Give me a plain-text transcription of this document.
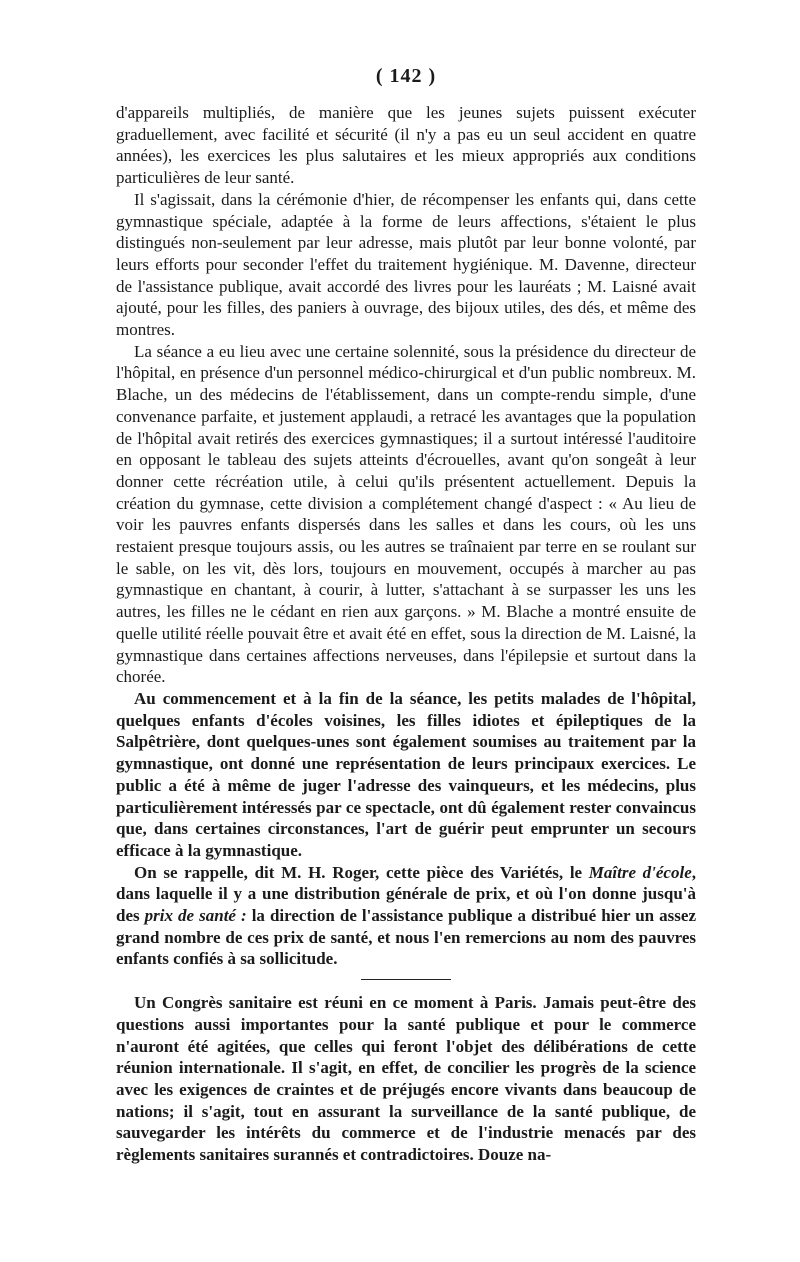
( 142 )

d'appareils multipliés, de manière que les jeunes sujets puissent exécuter graduellement, avec facilité et sécurité (il n'y a pas eu un seul accident en quatre années), les exercices les plus salutaires et les mieux appropriés aux conditions particulières de leur santé.

Il s'agissait, dans la cérémonie d'hier, de récompenser les enfants qui, dans cette gymnastique spéciale, adaptée à la forme de leurs affections, s'étaient le plus distingués non-seulement par leur adresse, mais plutôt par leur bonne volonté, par leurs efforts pour seconder l'effet du traitement hygiénique. M. Davenne, directeur de l'assistance publique, avait accordé des livres pour les lauréats ; M. Laisné avait ajouté, pour les filles, des paniers à ouvrage, des bijoux utiles, des dés, et même des montres.

La séance a eu lieu avec une certaine solennité, sous la présidence du directeur de l'hôpital, en présence d'un personnel médico-chirurgical et d'un public nombreux. M. Blache, un des médecins de l'établissement, dans un compte-rendu simple, d'une convenance parfaite, et justement applaudi, a retracé les avantages que la population de l'hôpital avait retirés des exercices gymnastiques; il a surtout intéressé l'auditoire en opposant le tableau des sujets atteints d'écrouelles, avant qu'on songeât à leur donner cette récréation utile, à celui qu'ils présentent actuellement. Depuis la création du gymnase, cette division a complétement changé d'aspect : « Au lieu de voir les pauvres enfants dispersés dans les salles et dans les cours, où les uns restaient presque toujours assis, ou les autres se traînaient par terre en se roulant sur le sable, on les vit, dès lors, toujours en mouvement, occupés à marcher au pas gymnastique en chantant, à courir, à lutter, s'attachant à se surpasser les uns les autres, les filles ne le cédant en rien aux garçons. » M. Blache a montré ensuite de quelle utilité réelle pouvait être et avait été en effet, sous la direction de M. Laisné, la gymnastique dans certaines affections nerveuses, dans l'épilepsie et surtout dans la chorée.

Au commencement et à la fin de la séance, les petits malades de l'hôpital, quelques enfants d'écoles voisines, les filles idiotes et épileptiques de la Salpêtrière, dont quelques-unes sont également soumises au traitement par la gymnastique, ont donné une représentation de leurs principaux exercices. Le public a été à même de juger l'adresse des vainqueurs, et les médecins, plus particulièrement intéressés par ce spectacle, ont dû également rester convaincus que, dans certaines circonstances, l'art de guérir peut emprunter un secours efficace à la gymnastique.

On se rappelle, dit M. H. Roger, cette pièce des Variétés, le Maître d'école, dans laquelle il y a une distribution générale de prix, et où l'on donne jusqu'à des prix de santé : la direction de l'assistance publique a distribué hier un assez grand nombre de ces prix de santé, et nous l'en remercions au nom des pauvres enfants confiés à sa sollicitude.

Un Congrès sanitaire est réuni en ce moment à Paris. Jamais peut-être des questions aussi importantes pour la santé publique et pour le commerce n'auront été agitées, que celles qui feront l'objet des délibérations de cette réunion internationale. Il s'agit, en effet, de concilier les progrès de la science avec les exigences de craintes et de préjugés encore vivants dans beaucoup de nations; il s'agit, tout en assurant la surveillance de la santé publique, de sauvegarder les intérêts du commerce et de l'industrie menacés par des règlements sanitaires surannés et contradictoires. Douze na-
